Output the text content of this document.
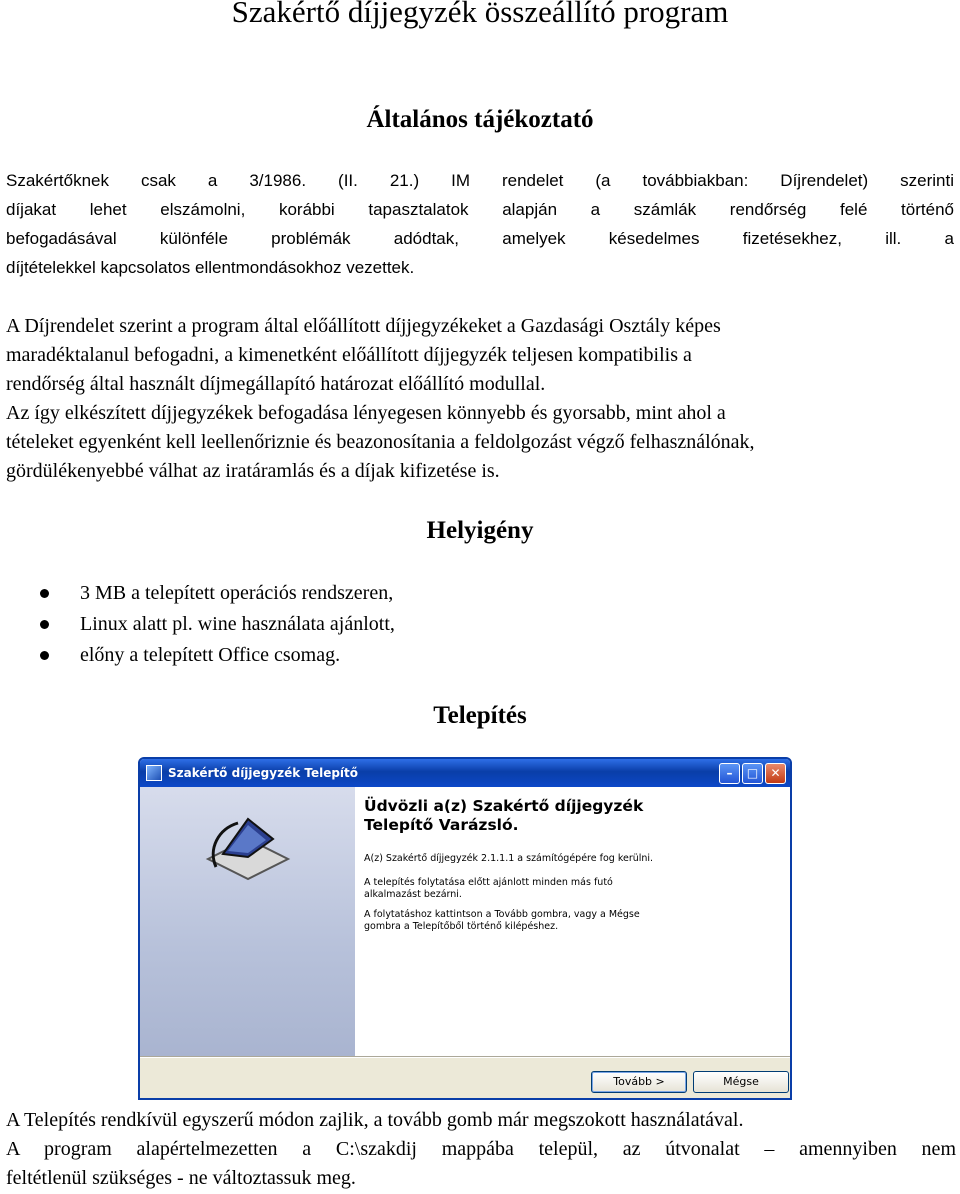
Szakértő díjjegyzék összeállító program
Általános tájékoztató
Szakértőknek csak a 3/1986. (II. 21.) IM rendelet (a továbbiakban: Díjrendelet) szerinti
díjakat lehet elszámolni, korábbi tapasztalatok alapján a számlák rendőrség felé történő
befogadásával különféle problémák adódtak, amelyek késedelmes fizetésekhez, ill. a
díjtételekkel kapcsolatos ellentmondásokhoz vezettek.
A Díjrendelet szerint a program által előállított díjjegyzékeket a Gazdasági Osztály képes
maradéktalanul befogadni, a kimenetként előállított díjjegyzék teljesen kompatibilis a
rendőrség által használt díjmegállapító határozat előállító modullal.
Az így elkészített díjjegyzékek befogadása lényegesen könnyebb és gyorsabb, mint ahol a
tételeket egyenként kell leellenőriznie és beazonosítania a feldolgozást végző felhasználónak,
gördülékenyebbé válhat az iratáramlás és a díjak kifizetése is.
Helyigény
3 MB a telepített operációs rendszeren,
Linux alatt pl. wine használata ajánlott,
előny a telepített Office csomag.
Telepítés
Szakértő díjjegyzék Telepítő	–	□	✕
Üdvözli a(z) Szakértő díjjegyzék
Telepítő Varázsló.

A(z) Szakértő díjjegyzék 2.1.1.1 a számítógépére fog kerülni.

A telepítés folytatása előtt ajánlott minden más futó
alkalmazást bezárni.

A folytatáshoz kattintson a Tovább gombra, vagy a Mégse
gombra a Telepítőből történő kilépéshez.

Tovább >	Mégse
A Telepítés rendkívül egyszerű módon zajlik, a tovább gomb már megszokott használatával.
A program alapértelmezetten a C:\szakdij mappába települ, az útvonalat – amennyiben nem
feltétlenül szükséges - ne változtassuk meg.
